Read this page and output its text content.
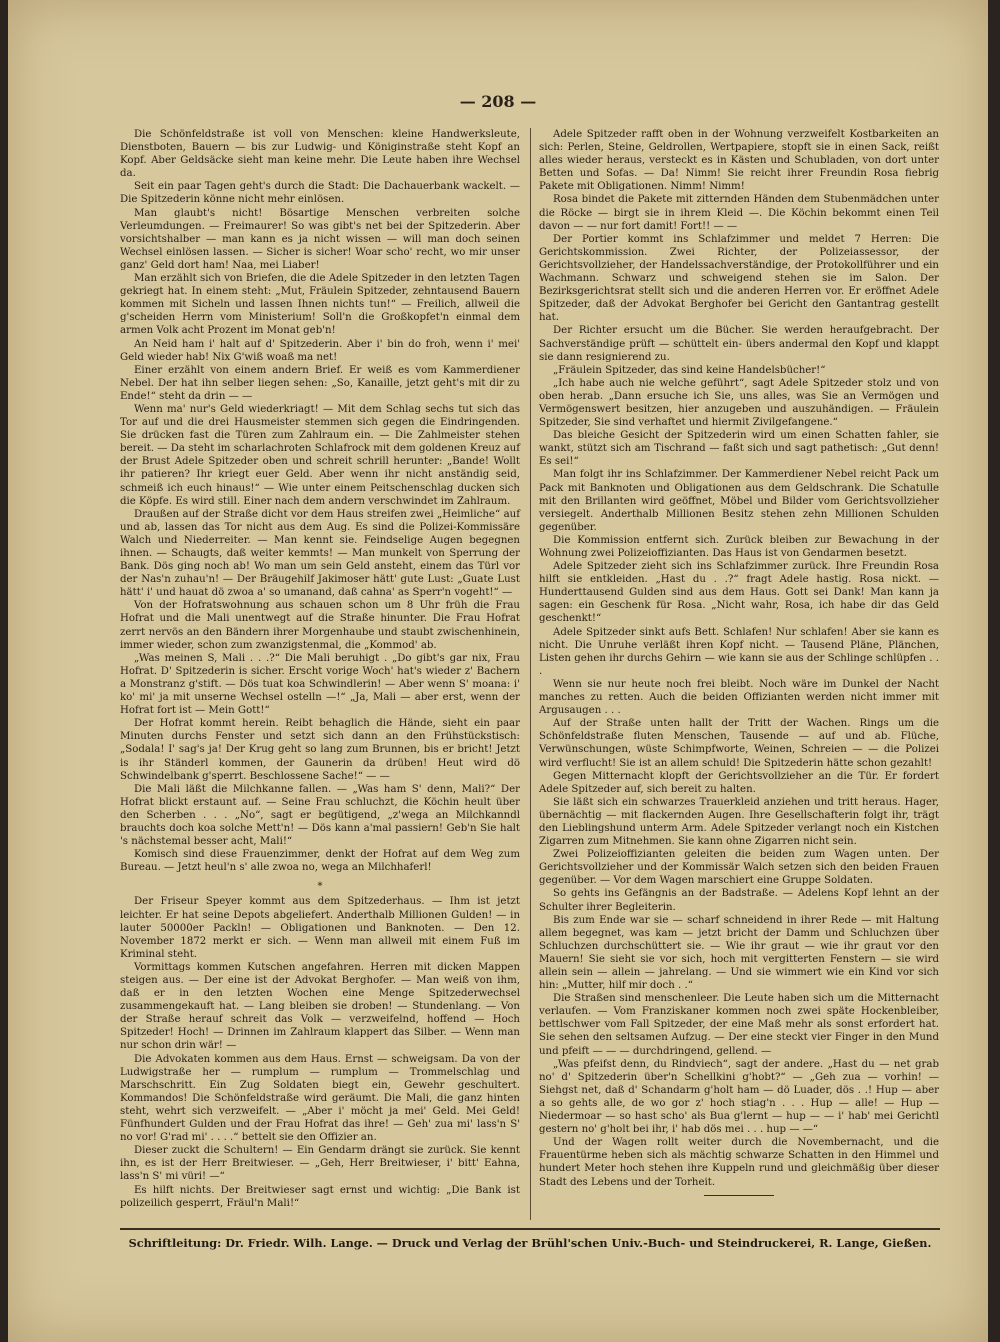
— 208 —

Die Schönfeldstraße ist voll von Menschen: kleine Handwerksleute, Dienstboten, Bauern — bis zur Ludwig- und Königinstraße steht Kopf an Kopf. Aber Geldsäcke sieht man keine mehr. Die Leute haben ihre Wechsel da.

Seit ein paar Tagen geht's durch die Stadt: Die Dachauerbank wackelt. — Die Spitzederin könne nicht mehr einlösen.

Man glaubt's nicht! Bösartige Menschen verbreiten solche Verleumdungen. — Freimaurer! So was gibt's net bei der Spitzederin. Aber vorsichtshalber — man kann es ja nicht wissen — will man doch seinen Wechsel einlösen lassen. — Sicher is sicher! Woar scho' recht, wo mir unser ganz' Geld dort ham! Naa, mei Liaber!

Man erzählt sich von Briefen, die die Adele Spitzeder in den letzten Tagen gekriegt hat. In einem steht: „Mut, Fräulein Spitzeder, zehntausend Bauern kommen mit Sicheln und lassen Ihnen nichts tun!“ — Freilich, allweil die g'scheiden Herrn vom Ministerium! Soll'n die Großkopfet'n einmal dem armen Volk acht Prozent im Monat geb'n!

An Neid ham i' halt auf d' Spitzederin. Aber i' bin do froh, wenn i' mei' Geld wieder hab! Nix G'wiß woaß ma net!

Einer erzählt von einem andern Brief. Er weiß es vom Kammerdiener Nebel. Der hat ihn selber liegen sehen: „So, Kanaille, jetzt geht's mit dir zu Ende!“ steht da drin — —

Wenn ma' nur's Geld wiederkriagt! — Mit dem Schlag sechs tut sich das Tor auf und die drei Hausmeister stemmen sich gegen die Eindringenden. Sie drücken fast die Türen zum Zahlraum ein. — Die Zahlmeister stehen bereit. — Da steht im scharlachroten Schlafrock mit dem goldenen Kreuz auf der Brust Adele Spitzeder oben und schreit schrill herunter: „Bande! Wollt ihr patieren? Ihr kriegt euer Geld. Aber wenn ihr nicht anständig seid, schmeiß ich euch hinaus!“ — Wie unter einem Peitschenschlag ducken sich die Köpfe. Es wird still. Einer nach dem andern verschwindet im Zahlraum.

Draußen auf der Straße dicht vor dem Haus streifen zwei „Heimliche“ auf und ab, lassen das Tor nicht aus dem Aug. Es sind die Polizei-Kommissäre Walch und Niederreiter. — Man kennt sie. Feindselige Augen begegnen ihnen. — Schaugts, daß weiter kemmts! — Man munkelt von Sperrung der Bank. Dös ging noch ab! Wo man um sein Geld ansteht, einem das Türl vor der Nas'n zuhau'n! — Der Bräugehilf Jakimoser hätt' gute Lust: „Guate Lust hätt' i' und hauat dö zwoa a' so umanand, daß cahna' as Sperr'n vogeht!“ —

Von der Hofratswohnung aus schauen schon um 8 Uhr früh die Frau Hofrat und die Mali unentwegt auf die Straße hinunter. Die Frau Hofrat zerrt nervös an den Bändern ihrer Morgenhaube und staubt zwischenhinein, immer wieder, schon zum zwanzigstenmal, die „Kommod' ab.

„Was meinen S, Mali . . .?“ Die Mali beruhigt . „Do gibt's gar nix, Frau Hofrat. D' Spitzederin is sicher. Erscht vorige Woch' hat's wieder z' Bachern a Monstranz g'stift. — Dös tuat koa Schwindlerin! — Aber wenn S' moana: i' ko' mi' ja mit unserne Wechsel ostelln —!“ „Ja, Mali — aber erst, wenn der Hofrat fort ist — Mein Gott!“

Der Hofrat kommt herein. Reibt behaglich die Hände, sieht ein paar Minuten durchs Fenster und setzt sich dann an den Frühstückstisch: „Sodala! I' sag's ja! Der Krug geht so lang zum Brunnen, bis er bricht! Jetzt is ihr Ständerl kommen, der Gaunerin da drüben! Heut wird dö Schwindelbank g'sperrt. Beschlossene Sache!“ — —

Die Mali läßt die Milchkanne fallen. — „Was ham S' denn, Mali?“ Der Hofrat blickt erstaunt auf. — Seine Frau schluchzt, die Köchin heult über den Scherben . . . „No“, sagt er begütigend, „z'wega an Milchkanndl brauchts doch koa solche Mett'n! — Dös kann a'mal passiern! Geb'n Sie halt 's nächstemal besser acht, Mali!“

Komisch sind diese Frauenzimmer, denkt der Hofrat auf dem Weg zum Bureau. — Jetzt heul'n s' alle zwoa no, wega an Milchhaferl!

*

Der Friseur Speyer kommt aus dem Spitzederhaus. — Ihm ist jetzt leichter. Er hat seine Depots abgeliefert. Anderthalb Millionen Gulden! — in lauter 50000er Packln! — Obligationen und Banknoten. — Den 12. November 1872 merkt er sich. — Wenn man allweil mit einem Fuß im Kriminal steht.

Vormittags kommen Kutschen angefahren. Herren mit dicken Mappen steigen aus. — Der eine ist der Advokat Berghofer. — Man weiß von ihm, daß er in den letzten Wochen eine Menge Spitzederwechsel zusammengekauft hat. — Lang bleiben sie droben! — Stundenlang. — Von der Straße herauf schreit das Volk — verzweifelnd, hoffend — Hoch Spitzeder! Hoch! — Drinnen im Zahlraum klappert das Silber. — Wenn man nur schon drin wär! —

Die Advokaten kommen aus dem Haus. Ernst — schweigsam. Da von der Ludwigstraße her — rumplum — rumplum — Trommelschlag und Marschschritt. Ein Zug Soldaten biegt ein, Gewehr geschultert. Kommandos! Die Schönfeldstraße wird geräumt. Die Mali, die ganz hinten steht, wehrt sich verzweifelt. — „Aber i' möcht ja mei' Geld. Mei Geld! Fünfhundert Gulden und der Frau Hofrat das ihre! — Geh' zua mi' lass'n S' no vor! G'rad mi' . . . .“ bettelt sie den Offizier an.

Dieser zuckt die Schultern! — Ein Gendarm drängt sie zurück. Sie kennt ihn, es ist der Herr Breitwieser. — „Geh, Herr Breitwieser, i' bitt' Eahna, lass'n S' mi vüri! —“

Es hilft nichts. Der Breitwieser sagt ernst und wichtig: „Die Bank ist polizeilich gesperrt, Fräul'n Mali!“

Adele Spitzeder rafft oben in der Wohnung verzweifelt Kostbarkeiten an sich: Perlen, Steine, Geldrollen, Wertpapiere, stopft sie in einen Sack, reißt alles wieder heraus, versteckt es in Kästen und Schubladen, von dort unter Betten und Sofas. — Da! Nimm! Sie reicht ihrer Freundin Rosa fiebrig Pakete mit Obligationen. Nimm! Nimm!

Rosa bindet die Pakete mit zitternden Händen dem Stubenmädchen unter die Röcke — birgt sie in ihrem Kleid —. Die Köchin bekommt einen Teil davon — — nur fort damit! Fort!! — —

Der Portier kommt ins Schlafzimmer und meldet 7 Herren: Die Gerichtskommission. Zwei Richter, der Polizeiassessor, der Gerichtsvollzieher, der Handelssachverständige, der Protokollführer und ein Wachmann. Schwarz und schweigend stehen sie im Salon. Der Bezirksgerichtsrat stellt sich und die anderen Herren vor. Er eröffnet Adele Spitzeder, daß der Advokat Berghofer bei Gericht den Gantantrag gestellt hat.

Der Richter ersucht um die Bücher. Sie werden heraufgebracht. Der Sachverständige prüft — schüttelt ein- übers andermal den Kopf und klappt sie dann resignierend zu.

„Fräulein Spitzeder, das sind keine Handelsbücher!“

„Ich habe auch nie welche geführt“, sagt Adele Spitzeder stolz und von oben herab. „Dann ersuche ich Sie, uns alles, was Sie an Vermögen und Vermögenswert besitzen, hier anzugeben und auszuhändigen. — Fräulein Spitzeder, Sie sind verhaftet und hiermit Zivilgefangene.“

Das bleiche Gesicht der Spitzederin wird um einen Schatten fahler, sie wankt, stützt sich am Tischrand — faßt sich und sagt pathetisch: „Gut denn! Es sei!“

Man folgt ihr ins Schlafzimmer. Der Kammerdiener Nebel reicht Pack um Pack mit Banknoten und Obligationen aus dem Geldschrank. Die Schatulle mit den Brillanten wird geöffnet, Möbel und Bilder vom Gerichtsvollzieher versiegelt. Anderthalb Millionen Besitz stehen zehn Millionen Schulden gegenüber.

Die Kommission entfernt sich. Zurück bleiben zur Bewachung in der Wohnung zwei Polizeioffizianten. Das Haus ist von Gendarmen besetzt.

Adele Spitzeder zieht sich ins Schlafzimmer zurück. Ihre Freundin Rosa hilft sie entkleiden. „Hast du . .?“ fragt Adele hastig. Rosa nickt. — Hunderttausend Gulden sind aus dem Haus. Gott sei Dank! Man kann ja sagen: ein Geschenk für Rosa. „Nicht wahr, Rosa, ich habe dir das Geld geschenkt!“

Adele Spitzeder sinkt aufs Bett. Schlafen! Nur schlafen! Aber sie kann es nicht. Die Unruhe verläßt ihren Kopf nicht. — Tausend Pläne, Plänchen, Listen gehen ihr durchs Gehirn — wie kann sie aus der Schlinge schlüpfen . . .

Wenn sie nur heute noch frei bleibt. Noch wäre im Dunkel der Nacht manches zu retten. Auch die beiden Offizianten werden nicht immer mit Argusaugen . . .

Auf der Straße unten hallt der Tritt der Wachen. Rings um die Schönfeldstraße fluten Menschen, Tausende — auf und ab. Flüche, Verwünschungen, wüste Schimpfworte, Weinen, Schreien — — die Polizei wird verflucht! Sie ist an allem schuld! Die Spitzederin hätte schon gezahlt!

Gegen Mitternacht klopft der Gerichtsvollzieher an die Tür. Er fordert Adele Spitzeder auf, sich bereit zu halten.

Sie läßt sich ein schwarzes Trauerkleid anziehen und tritt heraus. Hager, übernächtig — mit flackernden Augen. Ihre Gesellschafterin folgt ihr, trägt den Lieblingshund unterm Arm. Adele Spitzeder verlangt noch ein Kistchen Zigarren zum Mitnehmen. Sie kann ohne Zigarren nicht sein.

Zwei Polizeioffizianten geleiten die beiden zum Wagen unten. Der Gerichtsvollzieher und der Kommissär Walch setzen sich den beiden Frauen gegenüber. — Vor dem Wagen marschiert eine Gruppe Soldaten.

So gehts ins Gefängnis an der Badstraße. — Adelens Kopf lehnt an der Schulter ihrer Begleiterin.

Bis zum Ende war sie — scharf schneidend in ihrer Rede — mit Haltung allem begegnet, was kam — jetzt bricht der Damm und Schluchzen über Schluchzen durchschüttert sie. — Wie ihr graut — wie ihr graut vor den Mauern! Sie sieht sie vor sich, hoch mit vergitterten Fenstern — sie wird allein sein — allein — jahrelang. — Und sie wimmert wie ein Kind vor sich hin: „Mutter, hilf mir doch . .“

Die Straßen sind menschenleer. Die Leute haben sich um die Mitternacht verlaufen. — Vom Franziskaner kommen noch zwei späte Hockenbleiber, bettlschwer vom Fall Spitzeder, der eine Maß mehr als sonst erfordert hat. Sie sehen den seltsamen Aufzug. — Der eine steckt vier Finger in den Mund und pfeift — — — durchdringend, gellend. —

„Was pfeifst denn, du Rindviech“, sagt der andere. „Hast du — net grab no' d' Spitzederin über'n Schellkini g'hobt?“ — „Geh zua — vorhin! — Siehgst net, daß d' Schandarm g'holt ham — dö Luader, dös . .! Hup — aber a so gehts alle, de wo gor z' hoch stiag'n . . . Hup — alle! — Hup — Niedermoar — so hast scho' als Bua g'lernt — hup — — i' hab' mei Gerichtl gestern no' g'holt bei ihr, i' hab dös mei . . . hup — —“

Und der Wagen rollt weiter durch die Novembernacht, und die Frauentürme heben sich als mächtig schwarze Schatten in den Himmel und hundert Meter hoch stehen ihre Kuppeln rund und gleichmäßig über dieser Stadt des Lebens und der Torheit.

Schriftleitung: Dr. Friedr. Wilh. Lange. — Druck und Verlag der Brühl'schen Univ.-Buch- und Steindruckerei, R. Lange, Gießen.
